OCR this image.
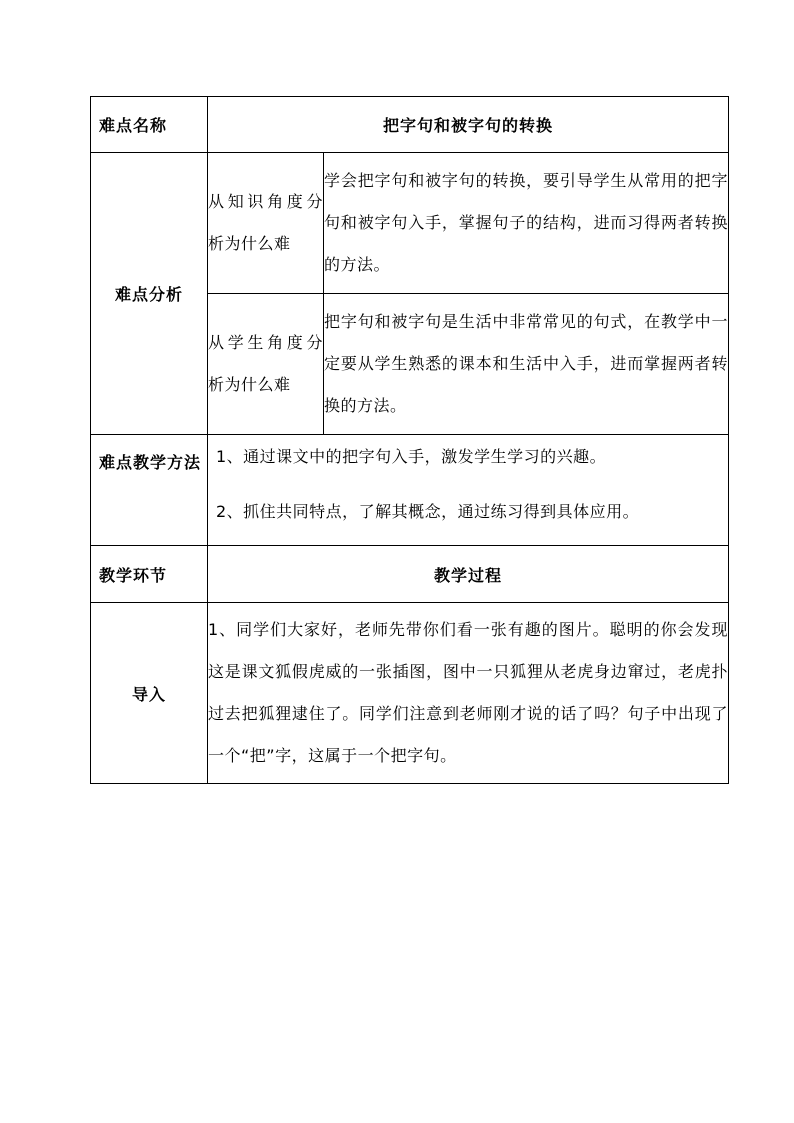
难点名称	把字句和被字句的转换	
难点分析	从知识角度分析为什么难	学会把字句和被字句的转换，要引导学生从常用的把字句和被字句入手，掌握句子的结构，进而习得两者转换的方法。
	从学生角度分析为什么难	把字句和被字句是生活中非常常见的句式，在教学中一定要从学生熟悉的课本和生活中入手，进而掌握两者转换的方法。

难点教学方法	1、通过课文中的把字句入手，激发学生学习的兴趣。
2、抓住共同特点，了解其概念，通过练习得到具体应用。	

教学环节	教学过程	
导入	1、同学们大家好，老师先带你们看一张有趣的图片。聪明的你会发现这是课文狐假虎威的一张插图，图中一只狐狸从老虎身边窜过，老虎扑过去把狐狸逮住了。同学们注意到老师刚才说的话了吗？句子中出现了一个“把”字，这属于一个把字句。	
